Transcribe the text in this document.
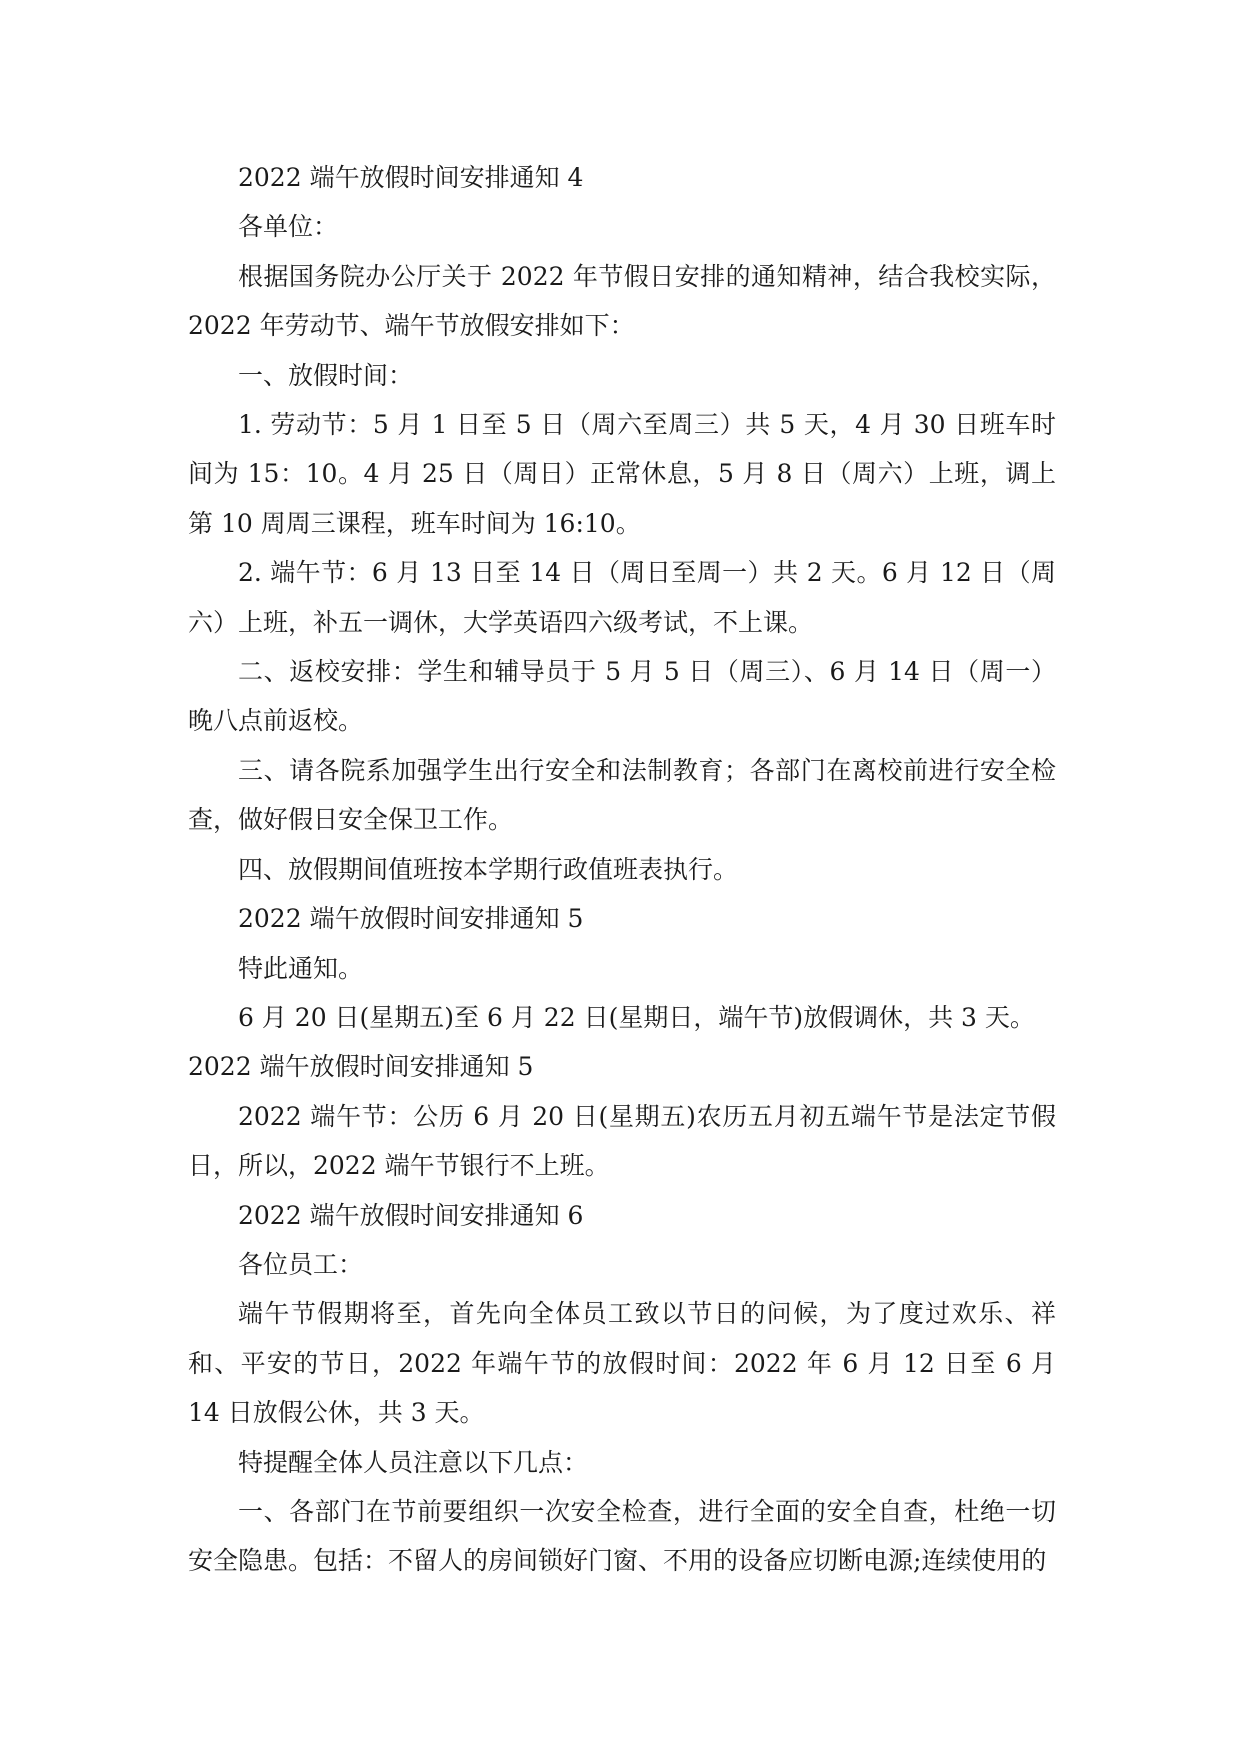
2022 端午放假时间安排通知 4

各单位：

根据国务院办公厅关于 2022 年节假日安排的通知精神，结合我校实际，2022 年劳动节、端午节放假安排如下：

一、放假时间：

1. 劳动节：5 月 1 日至 5 日（周六至周三）共 5 天，4 月 30 日班车时间为 15：10。4 月 25 日（周日）正常休息，5 月 8 日（周六）上班，调上第 10 周周三课程，班车时间为 16:10。

2. 端午节：6 月 13 日至 14 日（周日至周一）共 2 天。6 月 12 日（周六）上班，补五一调休，大学英语四六级考试，不上课。

二、返校安排：学生和辅导员于 5 月 5 日（周三）、6 月 14 日（周一）晚八点前返校。

三、请各院系加强学生出行安全和法制教育；各部门在离校前进行安全检查，做好假日安全保卫工作。

四、放假期间值班按本学期行政值班表执行。

2022 端午放假时间安排通知 5

特此通知。

6 月 20 日(星期五)至 6 月 22 日(星期日，端午节)放假调休，共 3 天。

2022 端午放假时间安排通知 5

2022 端午节：公历 6 月 20 日(星期五)农历五月初五端午节是法定节假日，所以，2022 端午节银行不上班。

2022 端午放假时间安排通知 6

各位员工：

端午节假期将至，首先向全体员工致以节日的问候，为了度过欢乐、祥和、平安的节日，2022 年端午节的放假时间：2022 年 6 月 12 日至 6 月 14 日放假公休，共 3 天。

特提醒全体人员注意以下几点：

一、各部门在节前要组织一次安全检查，进行全面的安全自查，杜绝一切安全隐患。包括：不留人的房间锁好门窗、不用的设备应切断电源;连续使用的
